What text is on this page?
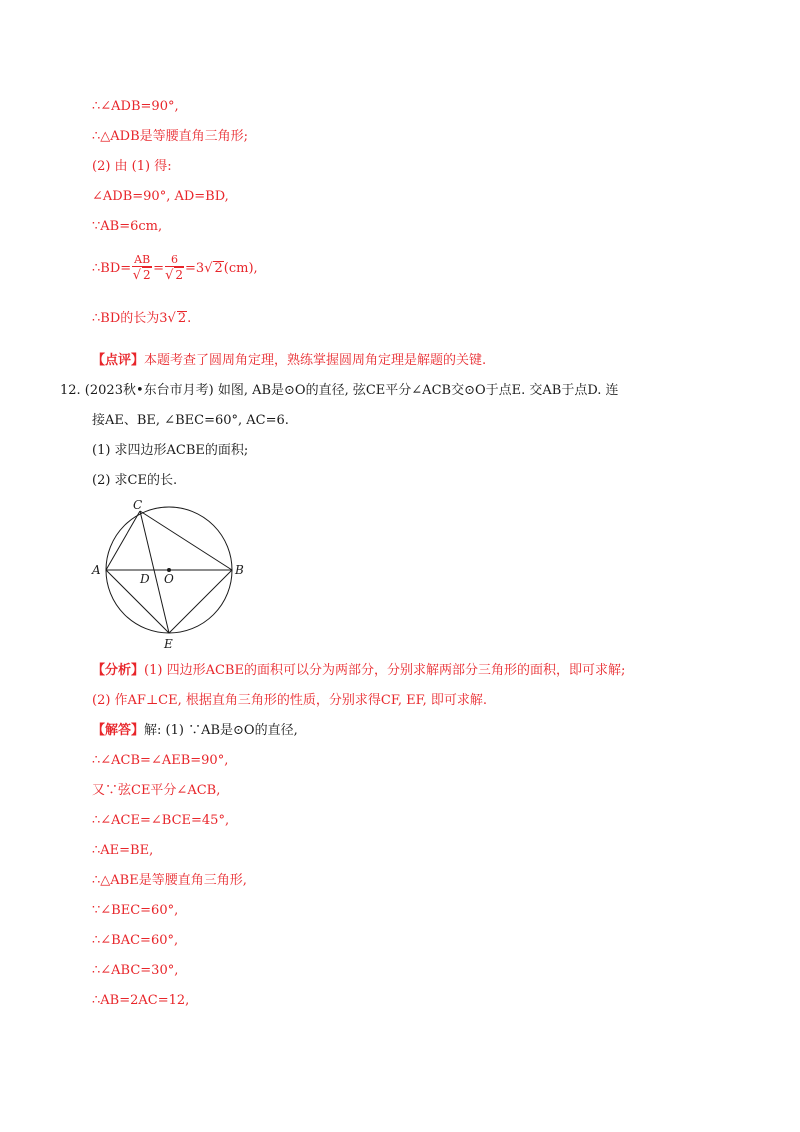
∴∠ADB=90°,
∴△ADB是等腰直角三角形;
(2) 由 (1) 得:
∠ADB=90°, AD=BD,
∵AB=6cm,
∴BD= $\frac{AB}{√ 2} = \frac{6}{√ 2} =3√$ 2(cm),
∴BD的长为3√ 2.
【点评】本题考查了圆周角定理，熟练掌握圆周角定理是解题的关键.
12. (2023秋•东台市月考) 如图, AB是⊙O的直径, 弦CE平分∠ACB交⊙O于点E. 交AB于点D. 连
接AE、BE, ∠BEC=60°, AC=6.
(1) 求四边形ACBE的面积;
(2) 求CE的长.
C
A	B
D O
E
【分析】(1) 四边形ACBE的面积可以分为两部分，分别求解两部分三角形的面积，即可求解;
(2) 作AF⊥CE, 根据直角三角形的性质，分别求得CF, EF, 即可求解.
【解答】解: (1) ∵AB是⊙O的直径,
∴∠ACB=∠AEB=90°,
又∵弦CE平分∠ACB,
∴∠ACE=∠BCE=45°,
∴AE=BE,
∴△ABE是等腰直角三角形,
∵∠BEC=60°,
∴∠BAC=60°,
∴∠ABC=30°,
∴AB=2AC=12,
